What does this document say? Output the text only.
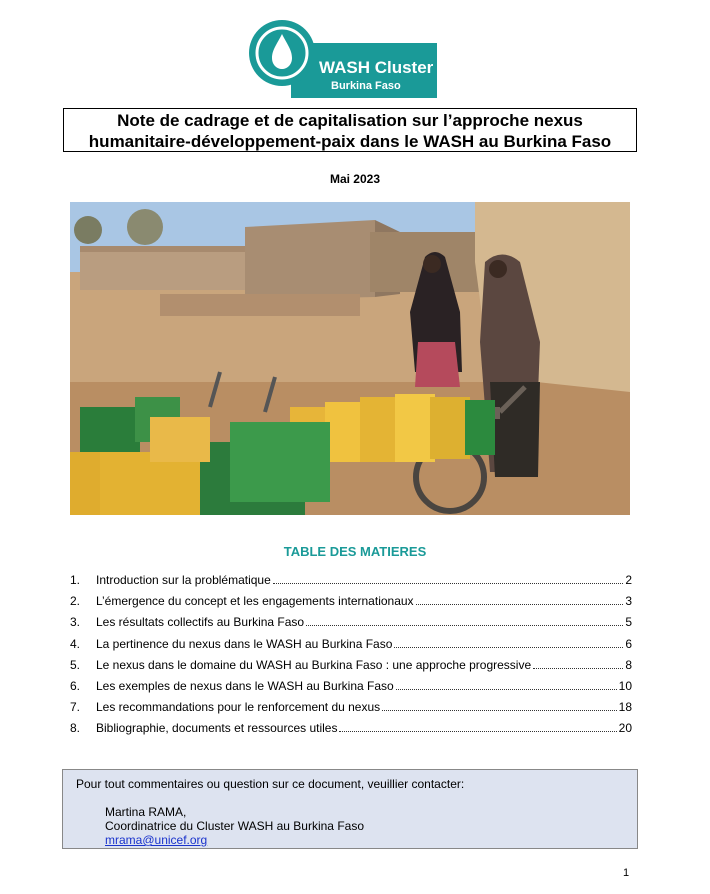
WASH Cluster
Burkina Faso
Note de cadrage et de capitalisation sur l’approche nexus
humanitaire-développement-paix dans le WASH au Burkina Faso
Mai 2023
TABLE DES MATIERES
1.	Introduction sur la problématique	2
2.	L’émergence du concept et les engagements internationaux	3
3.	Les résultats collectifs au Burkina Faso	5
4.	La pertinence du nexus dans le WASH au Burkina Faso	6
5.	Le nexus dans le domaine du WASH au Burkina Faso : une approche progressive	8
6.	Les exemples de nexus dans le WASH au Burkina Faso	10
7.	Les recommandations pour le renforcement du nexus	18
8.	Bibliographie, documents et ressources utiles	20
Pour tout commentaires ou question sur ce document, veuillier contacter:
Martina RAMA,
Coordinatrice du Cluster WASH au Burkina Faso
mrama@unicef.org
1
